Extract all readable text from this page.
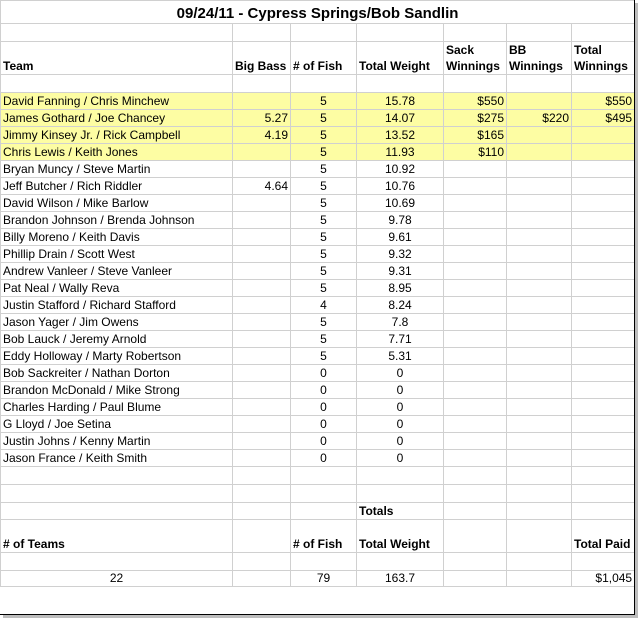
09/24/11 - Cypress Springs/Bob Sandlin						

Team	Big Bass	# of Fish	Total Weight	Sack Winnings	BB Winnings	Total Winnings

David Fanning / Chris Minchew		5	15.78	$550		$550
James Gothard / Joe Chancey	5.27	5	14.07	$275	$220	$495
Jimmy Kinsey Jr. / Rick Campbell	4.19	5	13.52	$165		
Chris Lewis / Keith Jones		5	11.93	$110		
Bryan Muncy / Steve Martin		5	10.92			
Jeff Butcher / Rich Riddler	4.64	5	10.76			
David Wilson / Mike Barlow		5	10.69			
Brandon Johnson / Brenda Johnson		5	9.78			
Billy Moreno / Keith Davis		5	9.61			
Phillip Drain / Scott West		5	9.32			
Andrew Vanleer / Steve Vanleer		5	9.31			
Pat Neal / Wally Reva		5	8.95			
Justin Stafford / Richard Stafford		4	8.24			
Jason Yager / Jim Owens		5	7.8			
Bob Lauck / Jeremy Arnold		5	7.71			
Eddy Holloway / Marty Robertson		5	5.31			
Bob Sackreiter / Nathan Dorton		0	0			
Brandon McDonald / Mike Strong		0	0			
Charles Harding / Paul Blume		0	0			
G Lloyd / Joe Setina		0	0			
Justin Johns / Kenny Martin		0	0			
Jason France / Keith Smith		0	0			

			Totals			
# of Teams		# of Fish	Total Weight			Total Paid

22		79	163.7			$1,045
